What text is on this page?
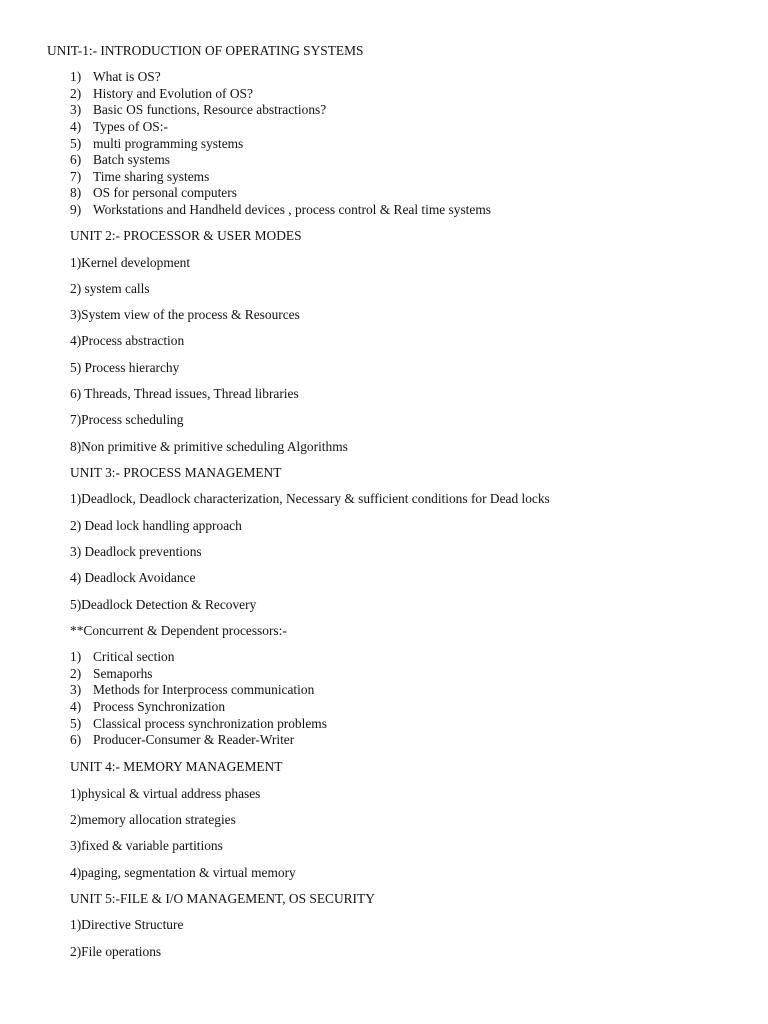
UNIT-1:- INTRODUCTION OF OPERATING SYSTEMS
1) What is OS?
2) History and Evolution of OS?
3) Basic OS functions, Resource abstractions?
4) Types of OS:-
5) multi programming systems
6) Batch systems
7) Time sharing systems
8) OS for personal computers
9) Workstations and Handheld devices , process control & Real time systems
UNIT 2:- PROCESSOR & USER MODES
1)Kernel development
2) system calls
3)System view of the process & Resources
4)Process abstraction
5) Process hierarchy
6) Threads, Thread issues, Thread libraries
7)Process scheduling
8)Non primitive & primitive scheduling Algorithms
UNIT 3:- PROCESS MANAGEMENT
1)Deadlock, Deadlock characterization, Necessary & sufficient conditions for Dead locks
2) Dead lock handling approach
3) Deadlock preventions
4) Deadlock Avoidance
5)Deadlock Detection & Recovery
**Concurrent & Dependent processors:-
1) Critical section
2) Semaporhs
3) Methods for Interprocess communication
4) Process Synchronization
5) Classical process synchronization problems
6) Producer-Consumer & Reader-Writer
UNIT 4:- MEMORY MANAGEMENT
1)physical & virtual address phases
2)memory allocation strategies
3)fixed & variable partitions
4)paging, segmentation & virtual memory
UNIT 5:-FILE & I/O MANAGEMENT, OS SECURITY
1)Directive Structure
2)File operations
